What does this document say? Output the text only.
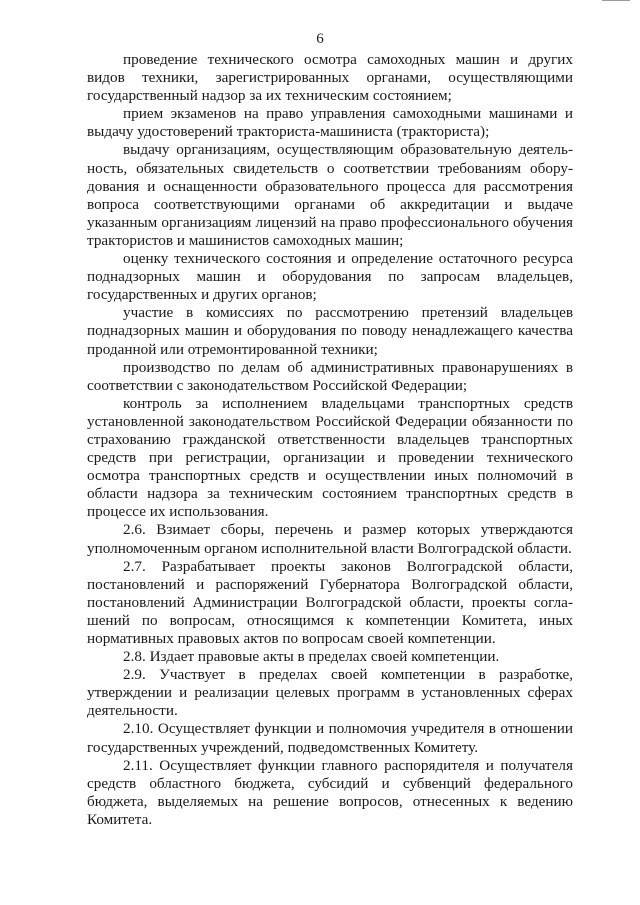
6

проведение технического осмотра самоходных машин и других видов техники, зарегистрированных органами, осуществляющими государственный надзор за их техническим состоянием;

прием экзаменов на право управления самоходными машинами и выдачу удостоверений тракториста-машиниста (тракториста);

выдачу организациям, осуществляющим образовательную деятельность, обязательных свидетельств о соответствии требованиям оборудования и оснащенности образовательного процесса для рассмотрения вопроса соответствующими органами об аккредитации и выдаче указанным организациям лицензий на право профессионального обучения трактористов и машинистов самоходных машин;

оценку технического состояния и определение остаточного ресурса поднадзорных машин и оборудования по запросам владельцев, государственных и других органов;

участие в комиссиях по рассмотрению претензий владельцев поднадзорных машин и оборудования по поводу ненадлежащего качества проданной или отремонтированной техники;

производство по делам об административных правонарушениях в соответствии с законодательством Российской Федерации;

контроль за исполнением владельцами транспортных средств установленной законодательством Российской Федерации обязанности по страхованию гражданской ответственности владельцев транспортных средств при регистрации, организации и проведении технического осмотра транспортных средств и осуществлении иных полномочий в области надзора за техническим состоянием транспортных средств в процессе их использования.

2.6. Взимает сборы, перечень и размер которых утверждаются уполномоченным органом исполнительной власти Волгоградской области.

2.7. Разрабатывает проекты законов Волгоградской области, постановлений и распоряжений Губернатора Волгоградской области, постановлений Администрации Волгоградской области, проекты соглашений по вопросам, относящимся к компетенции Комитета, иных нормативных правовых актов по вопросам своей компетенции.

2.8. Издает правовые акты в пределах своей компетенции.

2.9. Участвует в пределах своей компетенции в разработке, утверждении и реализации целевых программ в установленных сферах деятельности.

2.10. Осуществляет функции и полномочия учредителя в отношении государственных учреждений, подведомственных Комитету.

2.11. Осуществляет функции главного распорядителя и получателя средств областного бюджета, субсидий и субвенций федерального бюджета, выделяемых на решение вопросов, отнесенных к ведению Комитета.
